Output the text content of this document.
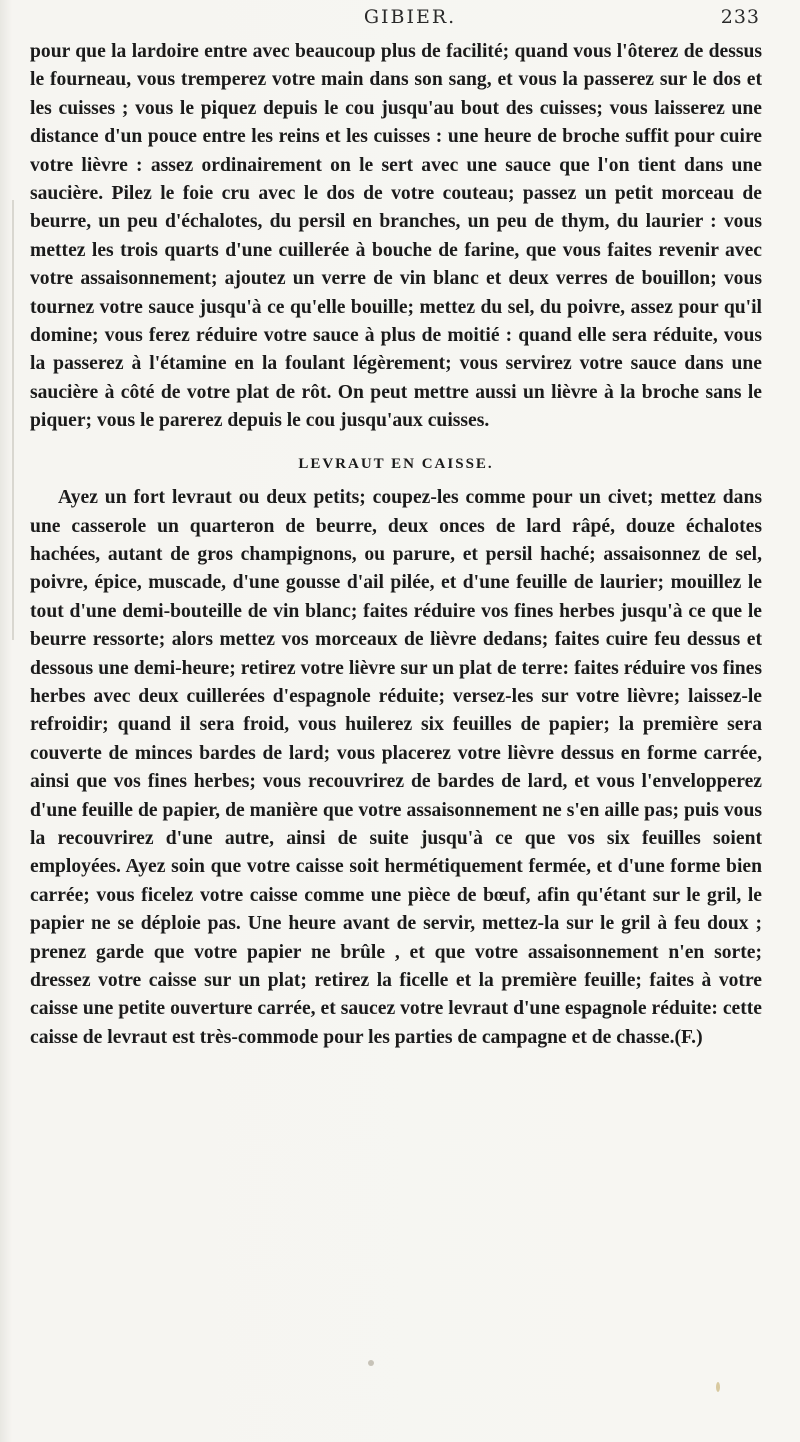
GIBIER.	233

pour que la lardoire entre avec beaucoup plus de facilité; quand vous l'ôterez de dessus le fourneau, vous tremperez votre main dans son sang, et vous la passerez sur le dos et les cuisses ; vous le piquez depuis le cou jusqu'au bout des cuisses; vous laisserez une distance d'un pouce entre les reins et les cuisses : une heure de broche suffit pour cuire votre lièvre : assez ordinairement on le sert avec une sauce que l'on tient dans une saucière. Pilez le foie cru avec le dos de votre couteau; passez un petit morceau de beurre, un peu d'échalotes, du persil en branches, un peu de thym, du laurier : vous mettez les trois quarts d'une cuillerée à bouche de farine, que vous faites revenir avec votre assaisonnement; ajoutez un verre de vin blanc et deux verres de bouillon; vous tournez votre sauce jusqu'à ce qu'elle bouille; mettez du sel, du poivre, assez pour qu'il domine; vous ferez réduire votre sauce à plus de moitié : quand elle sera réduite, vous la passerez à l'étamine en la foulant légèrement; vous servirez votre sauce dans une saucière à côté de votre plat de rôt. On peut mettre aussi un lièvre à la broche sans le piquer; vous le parerez depuis le cou jusqu'aux cuisses.

LEVRAUT EN CAISSE.

Ayez un fort levraut ou deux petits; coupez-les comme pour un civet; mettez dans une casserole un quarteron de beurre, deux onces de lard râpé, douze échalotes hachées, autant de gros champignons, ou parure, et persil haché; assaisonnez de sel, poivre, épice, muscade, d'une gousse d'ail pilée, et d'une feuille de laurier; mouillez le tout d'une demi-bouteille de vin blanc; faites réduire vos fines herbes jusqu'à ce que le beurre ressorte; alors mettez vos morceaux de lièvre dedans; faites cuire feu dessus et dessous une demi-heure; retirez votre lièvre sur un plat de terre: faites réduire vos fines herbes avec deux cuillerées d'espagnole réduite; versez-les sur votre lièvre; laissez-le refroidir; quand il sera froid, vous huilerez six feuilles de papier; la première sera couverte de minces bardes de lard; vous placerez votre lièvre dessus en forme carrée, ainsi que vos fines herbes; vous recouvrirez de bardes de lard, et vous l'envelopperez d'une feuille de papier, de manière que votre assaisonnement ne s'en aille pas; puis vous la recouvrirez d'une autre, ainsi de suite jusqu'à ce que vos six feuilles soient employées. Ayez soin que votre caisse soit hermétiquement fermée, et d'une forme bien carrée; vous ficelez votre caisse comme une pièce de bœuf, afin qu'étant sur le gril, le papier ne se déploie pas. Une heure avant de servir, mettez-la sur le gril à feu doux ; prenez garde que votre papier ne brûle , et que votre assaisonnement n'en sorte; dressez votre caisse sur un plat; retirez la ficelle et la première feuille; faites à votre caisse une petite ouverture carrée, et saucez votre levraut d'une espagnole réduite: cette caisse de levraut est très-commode pour les parties de campagne et de chasse.(F.)
